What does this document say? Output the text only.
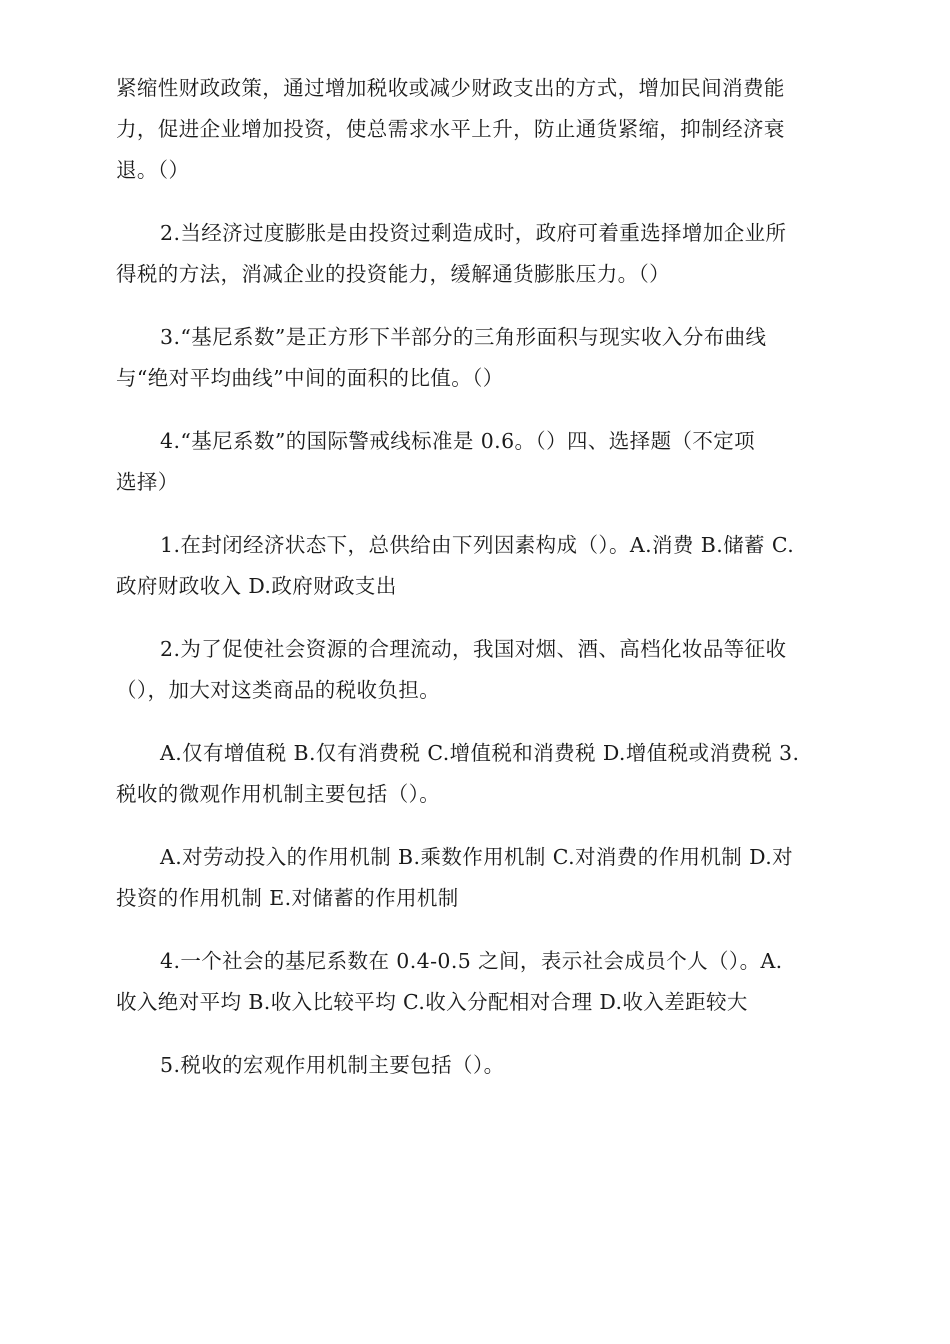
紧缩性财政政策，通过增加税收或减少财政支出的方式，增加民间消费能
力，促进企业增加投资，使总需求水平上升，防止通货紧缩，抑制经济衰
退。（）

2.当经济过度膨胀是由投资过剩造成时，政府可着重选择增加企业所
得税的方法，消减企业的投资能力，缓解通货膨胀压力。（）

3.“基尼系数”是正方形下半部分的三角形面积与现实收入分布曲线
与“绝对平均曲线”中间的面积的比值。（）

4.“基尼系数”的国际警戒线标准是 0.6。（）四、选择题（不定项
选择）

1.在封闭经济状态下，总供给由下列因素构成（）。A.消费 B.储蓄 C.
政府财政收入 D.政府财政支出

2.为了促使社会资源的合理流动，我国对烟、酒、高档化妆品等征收
（），加大对这类商品的税收负担。

A.仅有增值税 B.仅有消费税 C.增值税和消费税 D.增值税或消费税 3.
税收的微观作用机制主要包括（）。

A.对劳动投入的作用机制 B.乘数作用机制 C.对消费的作用机制 D.对
投资的作用机制 E.对储蓄的作用机制

4.一个社会的基尼系数在 0.4-0.5 之间，表示社会成员个人（）。A.
收入绝对平均 B.收入比较平均 C.收入分配相对合理 D.收入差距较大

5.税收的宏观作用机制主要包括（）。
